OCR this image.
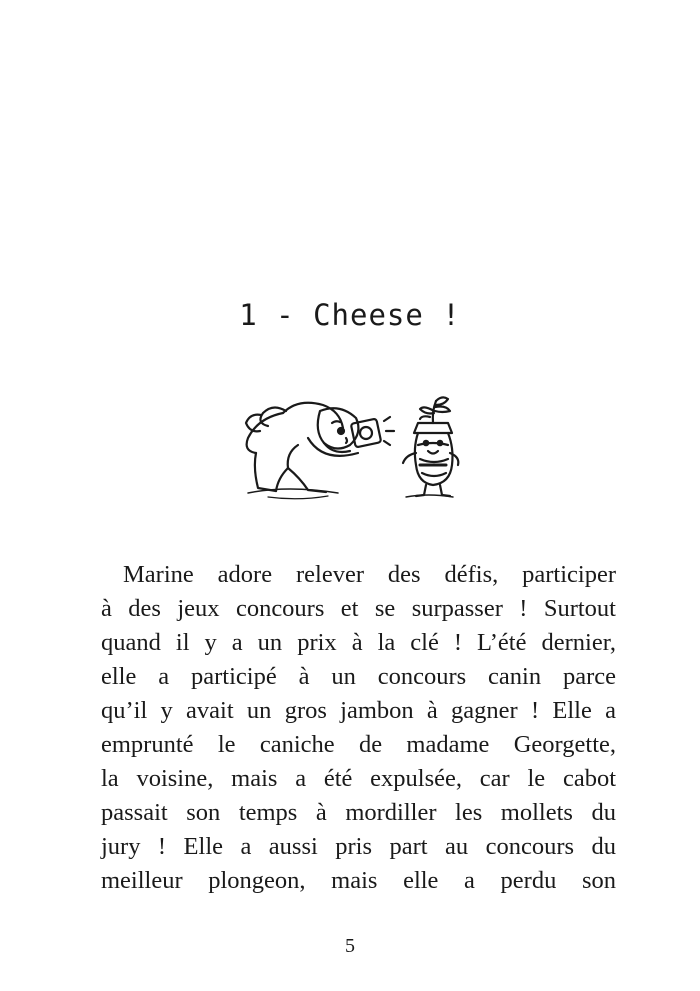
1 - Cheese !
Marine adore relever des défis, participer
à des jeux concours et se surpasser ! Surtout
quand il y a un prix à la clé ! L’été dernier,
elle a participé à un concours canin parce
qu’il y avait un gros jambon à gagner ! Elle a
emprunté le caniche de madame Georgette,
la voisine, mais a été expulsée, car le cabot
passait son temps à mordiller les mollets du
jury ! Elle a aussi pris part au concours du
meilleur plongeon, mais elle a perdu son
5
